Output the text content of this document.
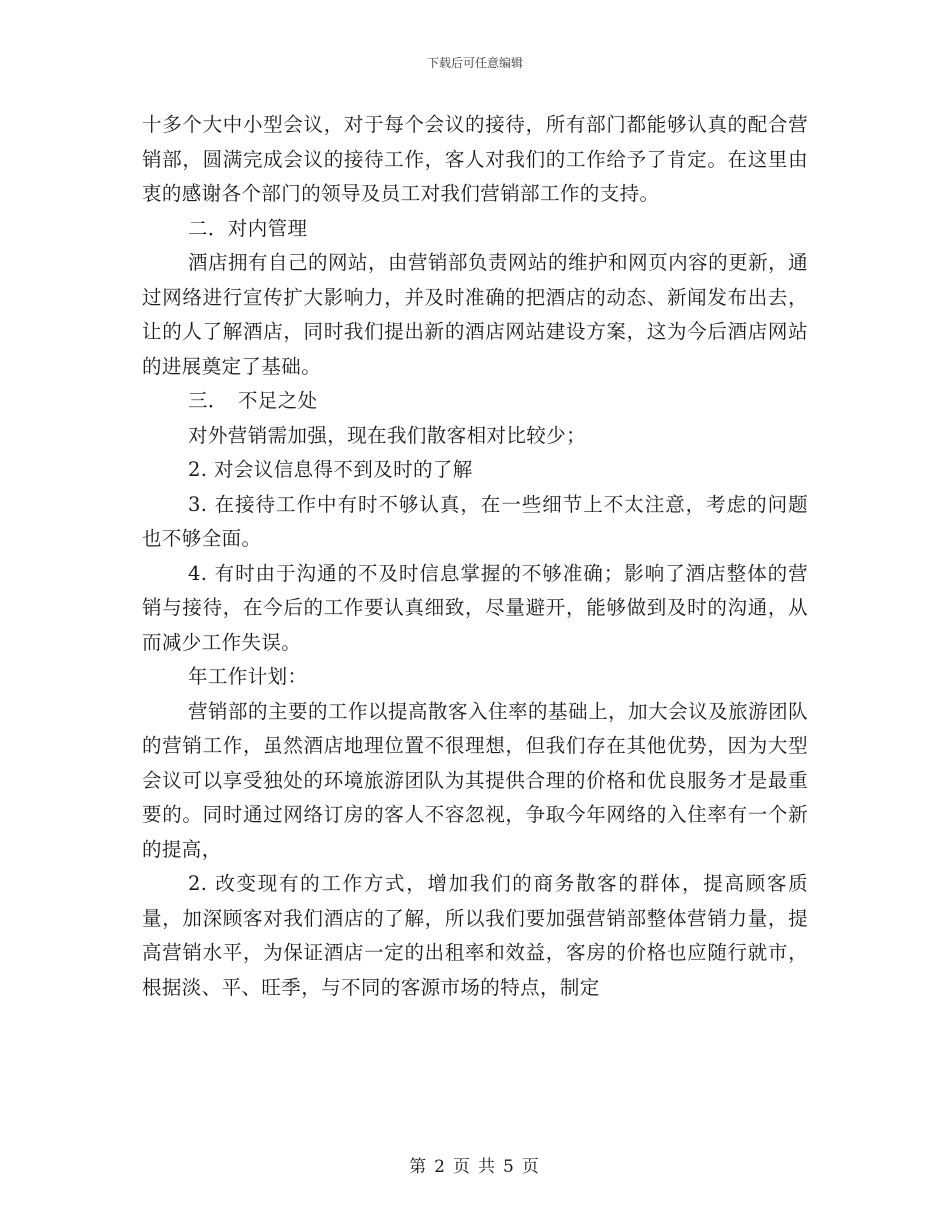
下载后可任意编辑

十多个大中小型会议，对于每个会议的接待，所有部门都能够认真的配合营销部，圆满完成会议的接待工作，客人对我们的工作给予了肯定。在这里由衷的感谢各个部门的领导及员工对我们营销部工作的支持。

二．对内管理

酒店拥有自己的网站，由营销部负责网站的维护和网页内容的更新，通过网络进行宣传扩大影响力，并及时准确的把酒店的动态、新闻发布出去，让的人了解酒店，同时我们提出新的酒店网站建设方案，这为今后酒店网站的进展奠定了基础。

三．　不足之处

对外营销需加强，现在我们散客相对比较少；

2. 对会议信息得不到及时的了解

3. 在接待工作中有时不够认真，在一些细节上不太注意，考虑的问题也不够全面。

4. 有时由于沟通的不及时信息掌握的不够准确；影响了酒店整体的营销与接待，在今后的工作要认真细致，尽量避开，能够做到及时的沟通，从而减少工作失误。

年工作计划：

营销部的主要的工作以提高散客入住率的基础上，加大会议及旅游团队的营销工作，虽然酒店地理位置不很理想，但我们存在其他优势，因为大型会议可以享受独处的环境旅游团队为其提供合理的价格和优良服务才是最重要的。同时通过网络订房的客人不容忽视，争取今年网络的入住率有一个新的提高，

2. 改变现有的工作方式，增加我们的商务散客的群体，提高顾客质量，加深顾客对我们酒店的了解，所以我们要加强营销部整体营销力量，提高营销水平，为保证酒店一定的出租率和效益，客房的价格也应随行就市，根据淡、平、旺季，与不同的客源市场的特点，制定

第 2 页 共 5 页
